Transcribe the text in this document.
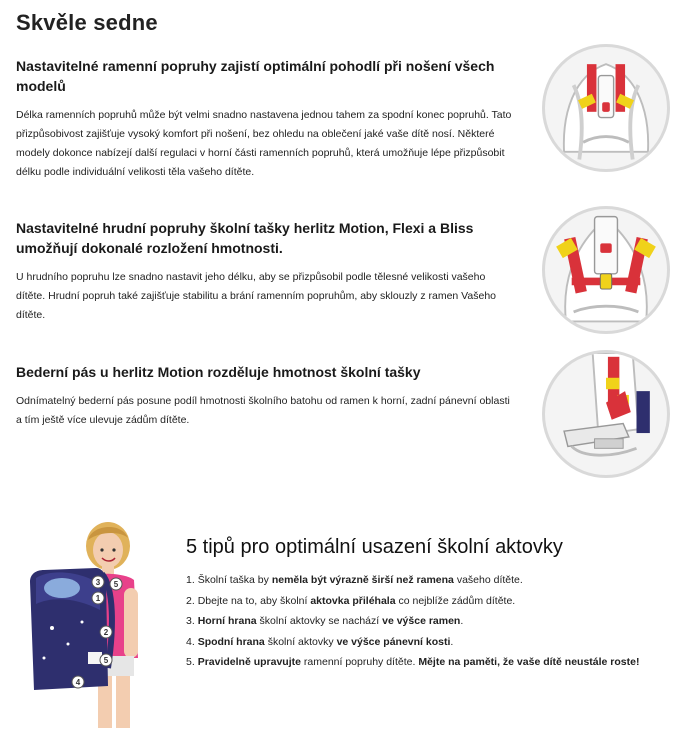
Skvěle sedne
Nastavitelné ramenní popruhy zajistí optimální pohodlí při nošení všech modelů

Délka ramenních popruhů může být velmi snadno nastavena jednou tahem za spodní konec popruhů. Tato přizpůsobivost zajišťuje vysoký komfort při nošení, bez ohledu na oblečení jaké vaše dítě nosí. Některé modely dokonce nabízejí další regulaci v horní části ramenních popruhů, která umožňuje lépe přizpůsobit délku podle individuální velikosti těla vašeho dítěte.

Nastavitelné hrudní popruhy školní tašky herlitz Motion, Flexi a Bliss umožňují dokonalé rozložení hmotnosti.

U hrudního popruhu lze snadno nastavit jeho délku, aby se přizpůsobil podle tělesné velikosti vašeho dítěte. Hrudní popruh také zajišťuje stabilitu a brání ramenním popruhům, aby sklouzly z ramen Vašeho dítěte.

Bederní pás u herlitz Motion rozděluje hmotnost školní tašky

Odnímatelný bederní pás posune podíl hmotnosti školního batohu od ramen k horní, zadní pánevní oblasti a tím ještě více ulevuje zádům dítěte.

3 5
1
2
5
4
5 tipů pro optimální usazení školní aktovky
1. Školní taška by neměla být výrazně širší než ramena vašeho dítěte.
2. Dbejte na to, aby školní aktovka přiléhala co nejblíže zádům dítěte.
3. Horní hrana školní aktovky se nachází ve výšce ramen.
4. Spodní hrana školní aktovky ve výšce pánevní kosti.
5. Pravidelně upravujte ramenní popruhy dítěte. Mějte na paměti, že vaše dítě neustále roste!
